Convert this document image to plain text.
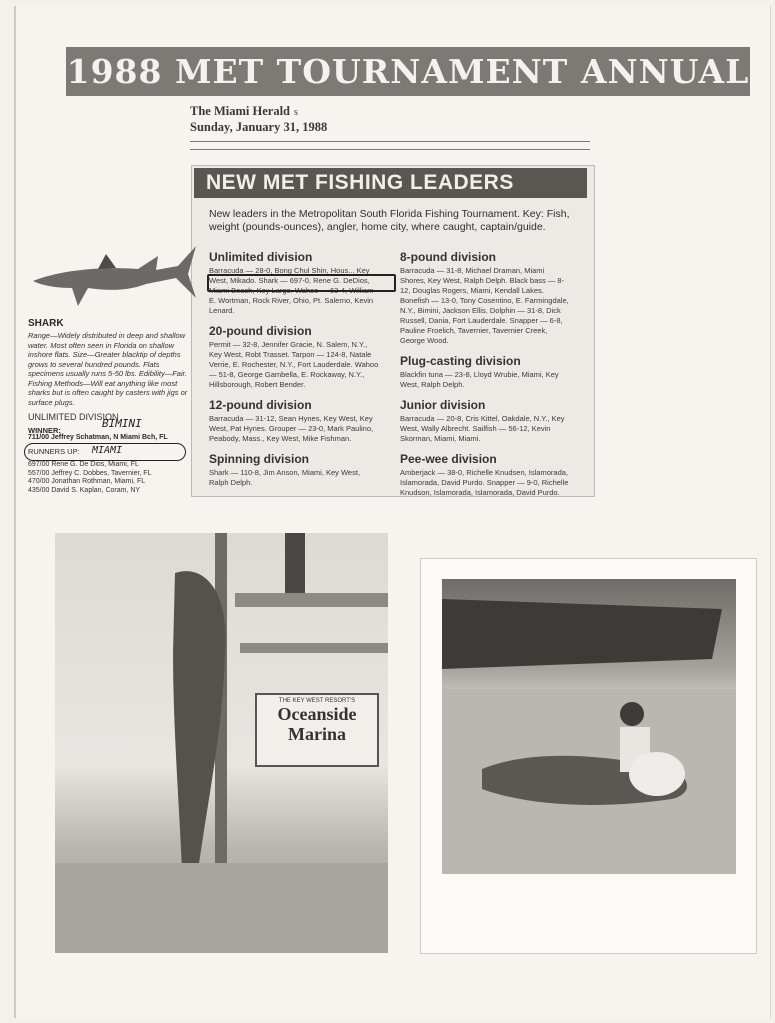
1988 MET TOURNAMENT ANNUAL
The Miami Herald s
Sunday, January 31, 1988
NEW MET FISHING LEADERS
New leaders in the Metropolitan South Florida Fishing Tournament. Key: Fish, weight (pounds-ounces), angler, home city, where caught, captain/guide.
Unlimited division
Barracuda — 28-0, Bong Chul Shin, Hous... Key West, Mikado. Shark — 697-0, Rene G. DeDios, Miami Beach, Key Largo. Wahoo — 63-4, William E. Wortman, Rock River, Ohio, Pt. Salerno, Kevin Lenard.
20-pound division
Permit — 32-8, Jennifer Gracie, N. Salem, N.Y., Key West, Robt Trasset. Tarpon — 124-8, Natale Verrie, E. Rochester, N.Y., Fort Lauderdale. Wahoo — 51-8, George Gambella, E. Rockaway, N.Y., Hillsborough, Robert Bender.
12-pound division
Barracuda — 31-12, Sean Hynes, Key West, Key West, Pat Hynes. Grouper — 23-0, Mark Paulino, Peabody, Mass., Key West, Mike Fishman.
Spinning division
Shark — 110-8, Jim Anson, Miami, Key West, Ralph Delph.
8-pound division
Barracuda — 31-8, Michael Draman, Miami Shores, Key West, Ralph Delph. Black bass — 8-12, Douglas Rogers, Miami, Kendall Lakes. Bonefish — 13-0, Tony Cosentino, E. Farmingdale, N.Y., Bimini, Jackson Ellis. Dolphin — 31-8, Dick Russell, Dania, Fort Lauderdale. Snapper — 6-8, Pauline Froelich, Tavernier, Tavernier Creek, George Wood.
Plug-casting division
Blackfin tuna — 23-8, Lloyd Wrubie, Miami, Key West, Ralph Delph.
Junior division
Barracuda — 20-8, Cris Kittel, Oakdale, N.Y., Key West, Wally Albrecht. Sailfish — 56-12, Kevin Skorman, Miami, Miami.
Pee-wee division
Amberjack — 38-0, Richelle Knudsen, Islamorada, Islamorada, David Purdo. Snapper — 9-0, Richelle Knudson, Islamorada, Islamorada, David Purdo.
SHARK
Range—Widely distributed in deep and shallow water. Most often seen in Florida on shallow inshore flats. Size—Greater blacktip of depths grows to several hundred pounds. Flats specimens usually runs 5-50 lbs. Edibility—Fair. Fishing Methods—Will eat anything like most sharks but is often caught by casters with jigs or surface plugs.
UNLIMITED DIVISION
WINNER:
BIMINI
711/00 Jeffrey Schatman, N Miami Bch, FL
RUNNERS UP: MIAMI
697/00 Rene G. De Dios, Miami, FL
557/00 Jeffrey C. Dobbes, Tavernier, FL
470/00 Jonathan Rothman, Miami, FL
435/00 David S. Kaplan, Coram, NY
THE KEY WEST RESORT'S
Oceanside
Marina
